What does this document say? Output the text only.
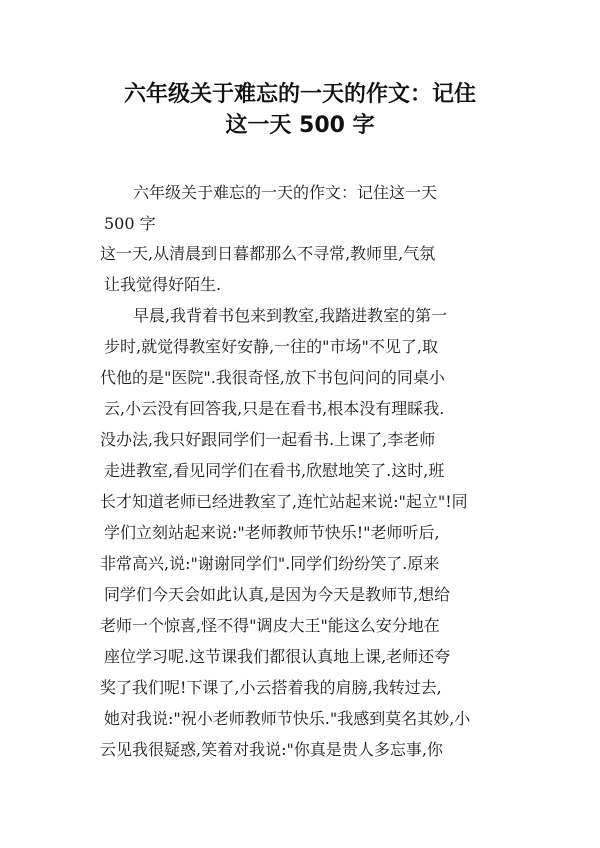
六年级关于难忘的一天的作文：记住
这一天 500 字
六年级关于难忘的一天的作文：记住这一天
500 字
这一天,从清晨到日暮都那么不寻常,教师里,气氛
让我觉得好陌生.
早晨,我背着书包来到教室,我踏进教室的第一
步时,就觉得教室好安静,一往的"市场"不见了,取
代他的是"医院".我很奇怪,放下书包问问的同桌小
云,小云没有回答我,只是在看书,根本没有理睬我.
没办法,我只好跟同学们一起看书.上课了,李老师
走进教室,看见同学们在看书,欣慰地笑了.这时,班
长才知道老师已经进教室了,连忙站起来说:"起立"!同
学们立刻站起来说:"老师教师节快乐!"老师听后,
非常高兴,说:"谢谢同学们".同学们纷纷笑了.原来
同学们今天会如此认真,是因为今天是教师节,想给
老师一个惊喜,怪不得"调皮大王"能这么安分地在
座位学习呢.这节课我们都很认真地上课,老师还夸
奖了我们呢!下课了,小云搭着我的肩膀,我转过去,
她对我说:"祝小老师教师节快乐."我感到莫名其妙,小
云见我很疑惑,笑着对我说:"你真是贵人多忘事,你
